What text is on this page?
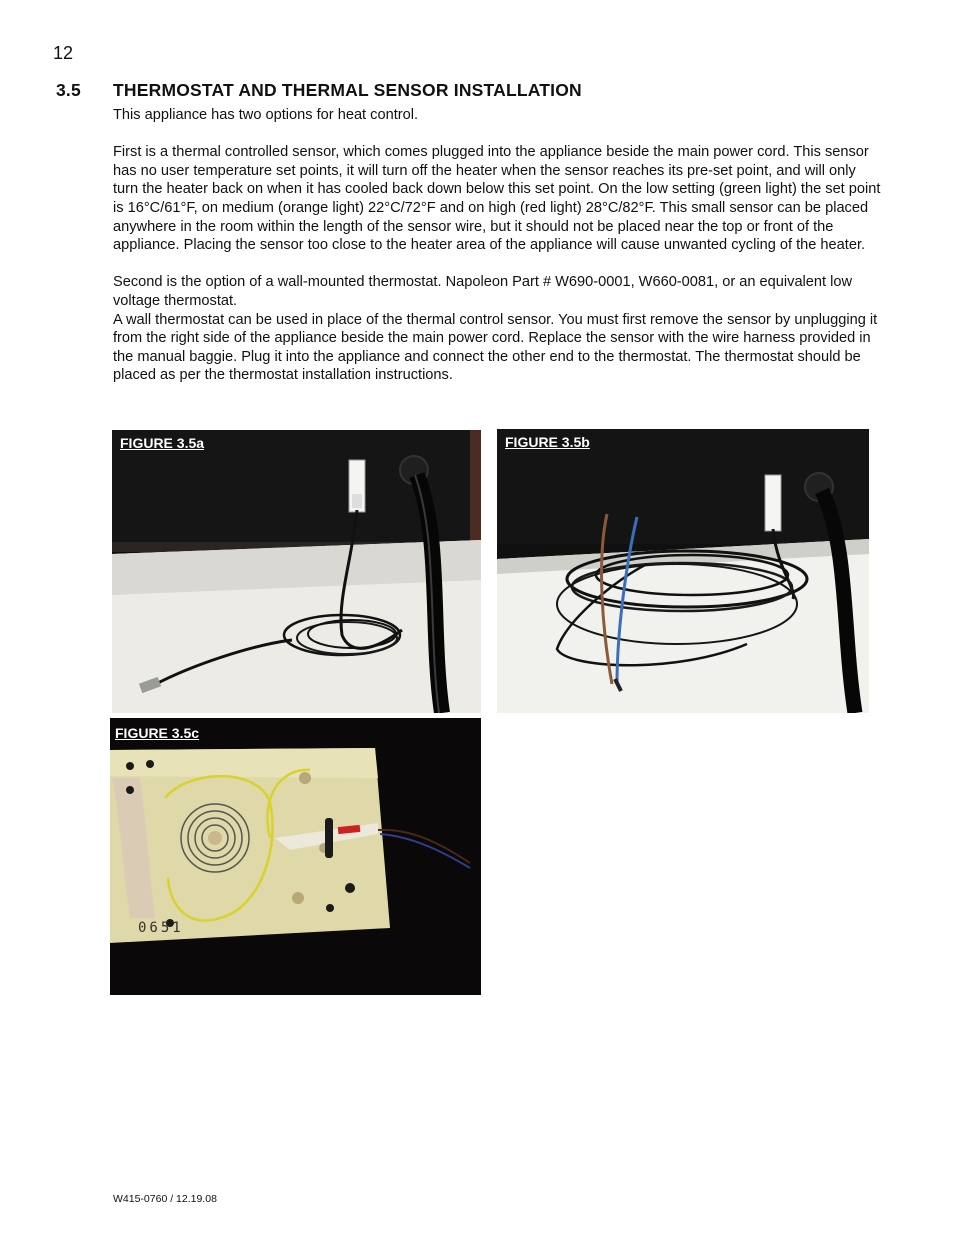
12
3.5 THERMOSTAT AND THERMAL SENSOR INSTALLATION

This appliance has two options for heat control.

First is a thermal controlled sensor, which comes plugged into the appliance beside the main power cord. This sensor has no user temperature set points, it will turn off the heater when the sensor reaches its pre-set point, and will only turn the heater back on when it has cooled back down below this set point. On the low setting (green light) the set point is 16°C/61°F, on medium (orange light) 22°C/72°F and on high (red light) 28°C/82°F. This small sensor can be placed anywhere in the room within the length of the sensor wire, but it should not be placed near the top or front of the appliance. Placing the sensor too close to the heater area of the appliance will cause unwanted cycling of the heater.

Second is the option of a wall-mounted thermostat. Napoleon Part # W690-0001, W660-0081, or an equivalent low voltage thermostat.

A wall thermostat can be used in place of the thermal control sensor. You must first remove the sensor by unplugging it from the right side of the appliance beside the main power cord. Replace the sensor with the wire harness provided in the manual baggie. Plug it into the appliance and connect the other end to the thermostat. The thermostat should be placed as per the thermostat installation instructions.

FIGURE 3.5a	FIGURE 3.5b
FIGURE 3.5c
0651
W415-0760 / 12.19.08
